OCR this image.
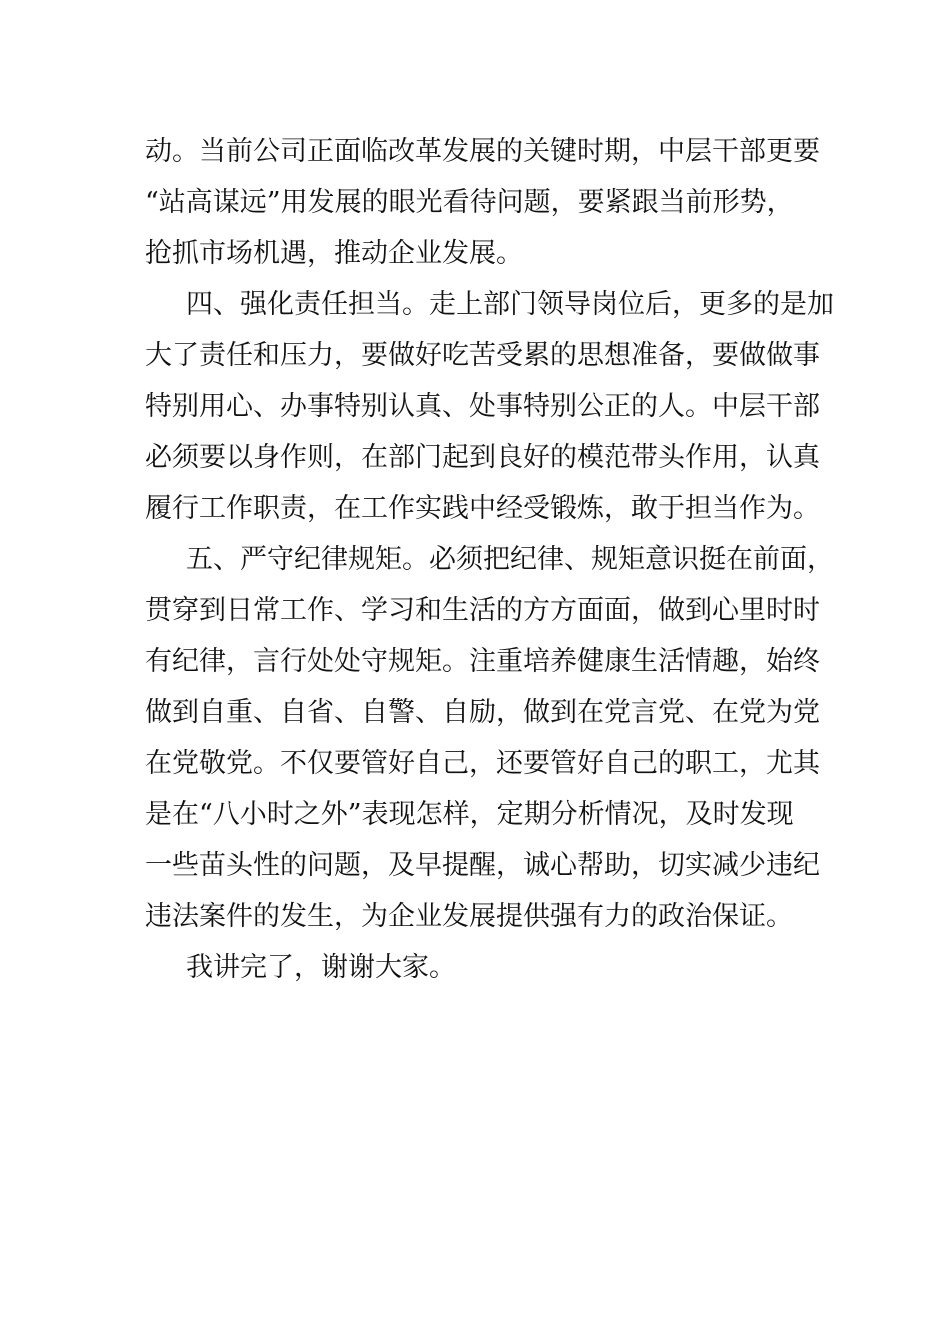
动。当前公司正面临改革发展的关键时期，中层干部更要
“站高谋远”用发展的眼光看待问题，要紧跟当前形势，
抢抓市场机遇，推动企业发展。
四、强化责任担当。走上部门领导岗位后，更多的是加
大了责任和压力，要做好吃苦受累的思想准备，要做做事
特别用心、办事特别认真、处事特别公正的人。中层干部
必须要以身作则，在部门起到良好的模范带头作用，认真
履行工作职责，在工作实践中经受锻炼，敢于担当作为。
五、严守纪律规矩。必须把纪律、规矩意识挺在前面，
贯穿到日常工作、学习和生活的方方面面，做到心里时时
有纪律，言行处处守规矩。注重培养健康生活情趣，始终
做到自重、自省、自警、自励，做到在党言党、在党为党
在党敬党。不仅要管好自己，还要管好自己的职工，尤其
是在“八小时之外”表现怎样，定期分析情况，及时发现
一些苗头性的问题，及早提醒，诚心帮助，切实减少违纪
违法案件的发生，为企业发展提供强有力的政治保证。
我讲完了，谢谢大家。
